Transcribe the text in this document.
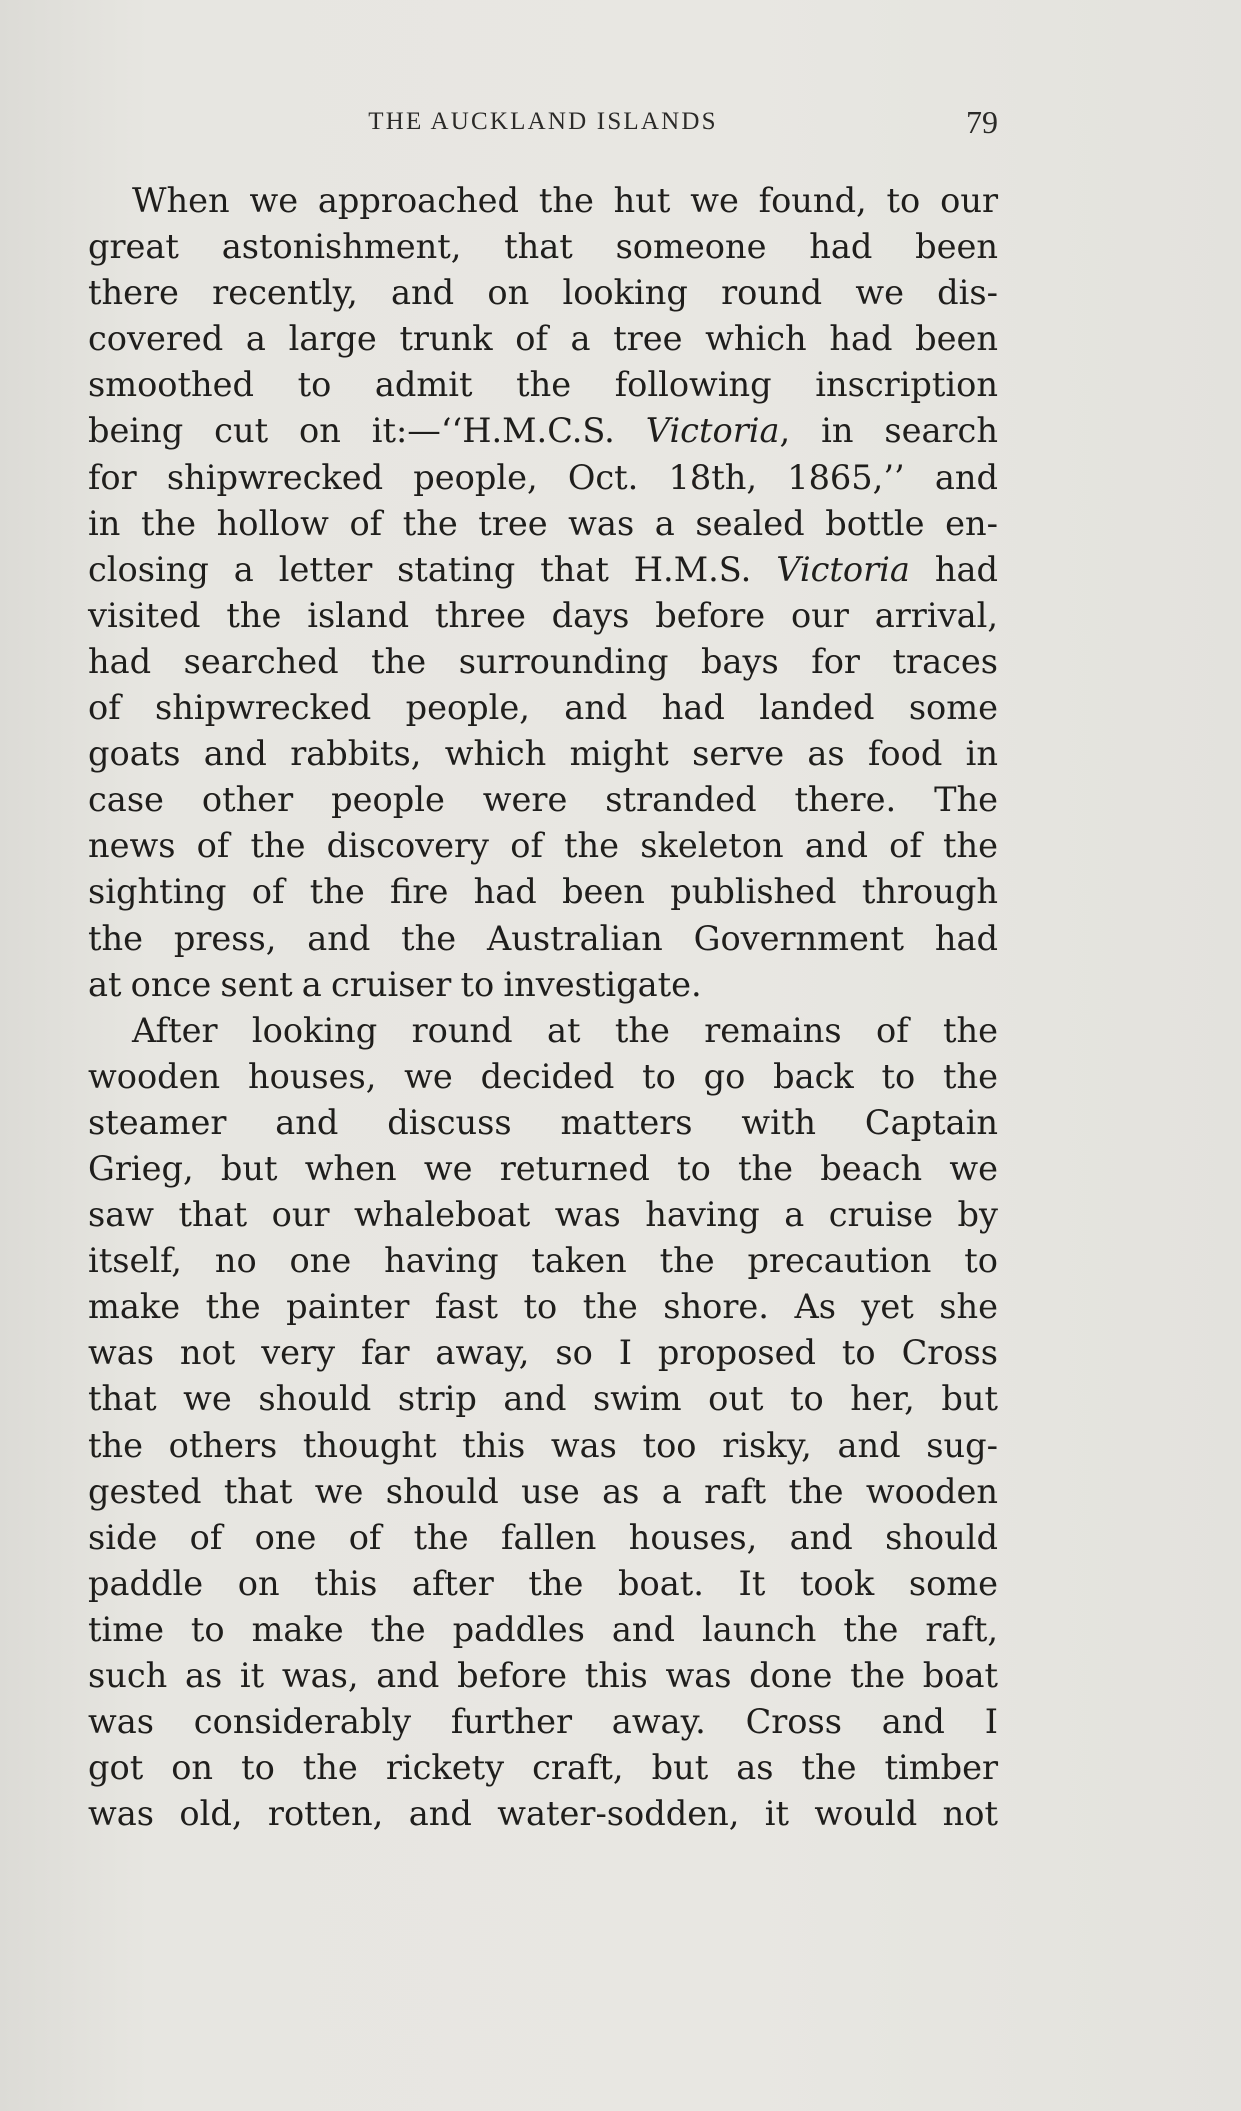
THE AUCKLAND ISLANDS	79
When we approached the hut we found, to our
great astonishment, that someone had been
there recently, and on looking round we dis-
covered a large trunk of a tree which had been
smoothed to admit the following inscription
being cut on it:—‘‘H.M.C.S. Victoria, in search
for shipwrecked people, Oct. 18th, 1865,’’ and
in the hollow of the tree was a sealed bottle en-
closing a letter stating that H.M.S. Victoria had
visited the island three days before our arrival,
had searched the surrounding bays for traces
of shipwrecked people, and had landed some
goats and rabbits, which might serve as food in
case other people were stranded there. The
news of the discovery of the skeleton and of the
sighting of the fire had been published through
the press, and the Australian Government had
at once sent a cruiser to investigate.
After looking round at the remains of the
wooden houses, we decided to go back to the
steamer and discuss matters with Captain
Grieg, but when we returned to the beach we
saw that our whaleboat was having a cruise by
itself, no one having taken the precaution to
make the painter fast to the shore. As yet she
was not very far away, so I proposed to Cross
that we should strip and swim out to her, but
the others thought this was too risky, and sug-
gested that we should use as a raft the wooden
side of one of the fallen houses, and should
paddle on this after the boat. It took some
time to make the paddles and launch the raft,
such as it was, and before this was done the boat
was considerably further away. Cross and I
got on to the rickety craft, but as the timber
was old, rotten, and water-sodden, it would not
